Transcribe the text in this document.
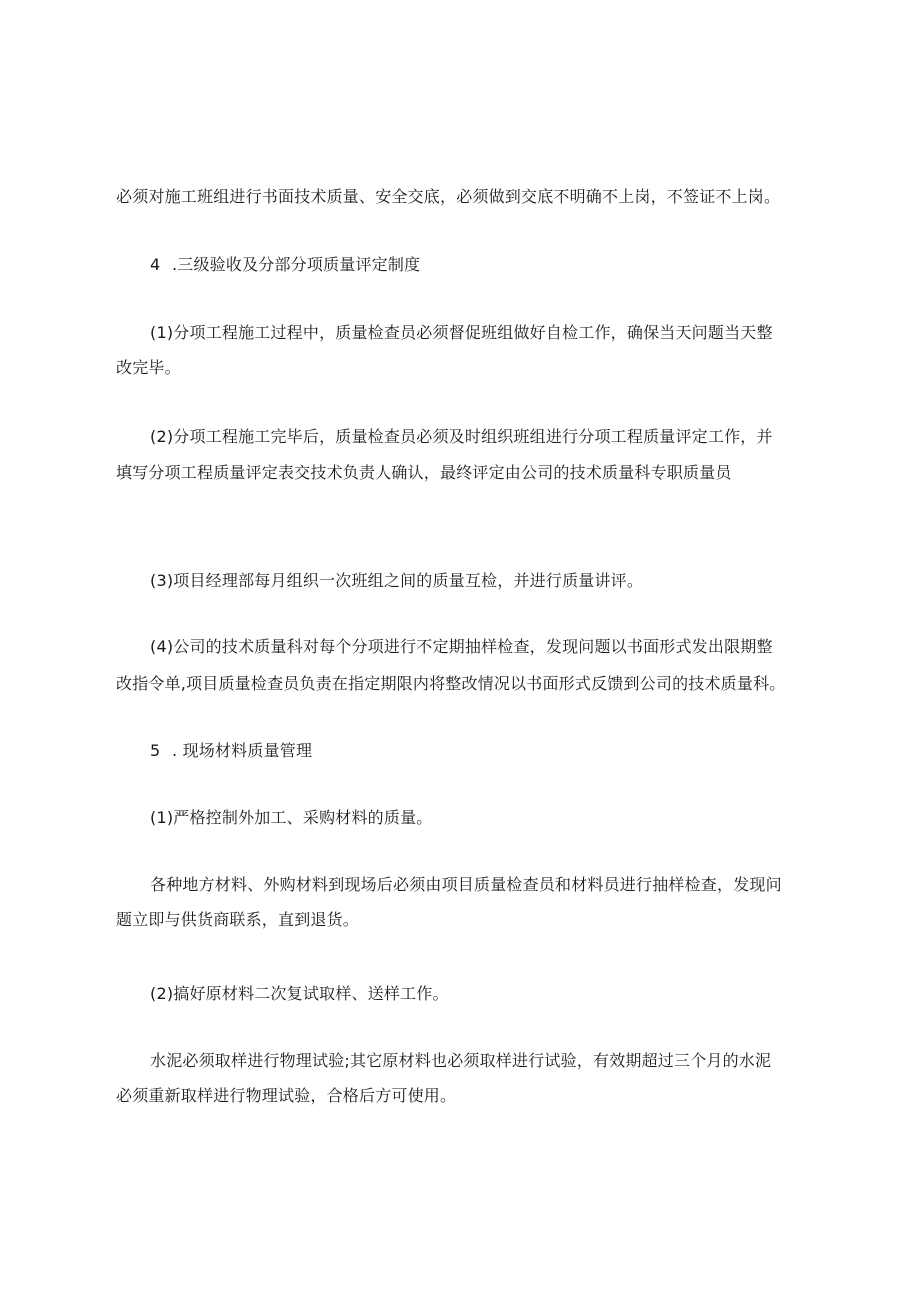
必须对施工班组进行书面技术质量、安全交底，必须做到交底不明确不上岗，不签证不上岗。
4 .三级验收及分部分项质量评定制度
(1)分项工程施工过程中，质量检查员必须督促班组做好自检工作，确保当天问题当天整
改完毕。
(2)分项工程施工完毕后，质量检查员必须及时组织班组进行分项工程质量评定工作，并
填写分项工程质量评定表交技术负责人确认，最终评定由公司的技术质量科专职质量员
(3)项目经理部每月组织一次班组之间的质量互检，并进行质量讲评。
(4)公司的技术质量科对每个分项进行不定期抽样检查，发现问题以书面形式发出限期整
改指令单,项目质量检查员负责在指定期限内将整改情况以书面形式反馈到公司的技术质量科。
5 . 现场材料质量管理
(1)严格控制外加工、采购材料的质量。
各种地方材料、外购材料到现场后必须由项目质量检查员和材料员进行抽样检查，发现问
题立即与供货商联系，直到退货。
(2)搞好原材料二次复试取样、送样工作。
水泥必须取样进行物理试验;其它原材料也必须取样进行试验，有效期超过三个月的水泥
必须重新取样进行物理试验，合格后方可使用。
